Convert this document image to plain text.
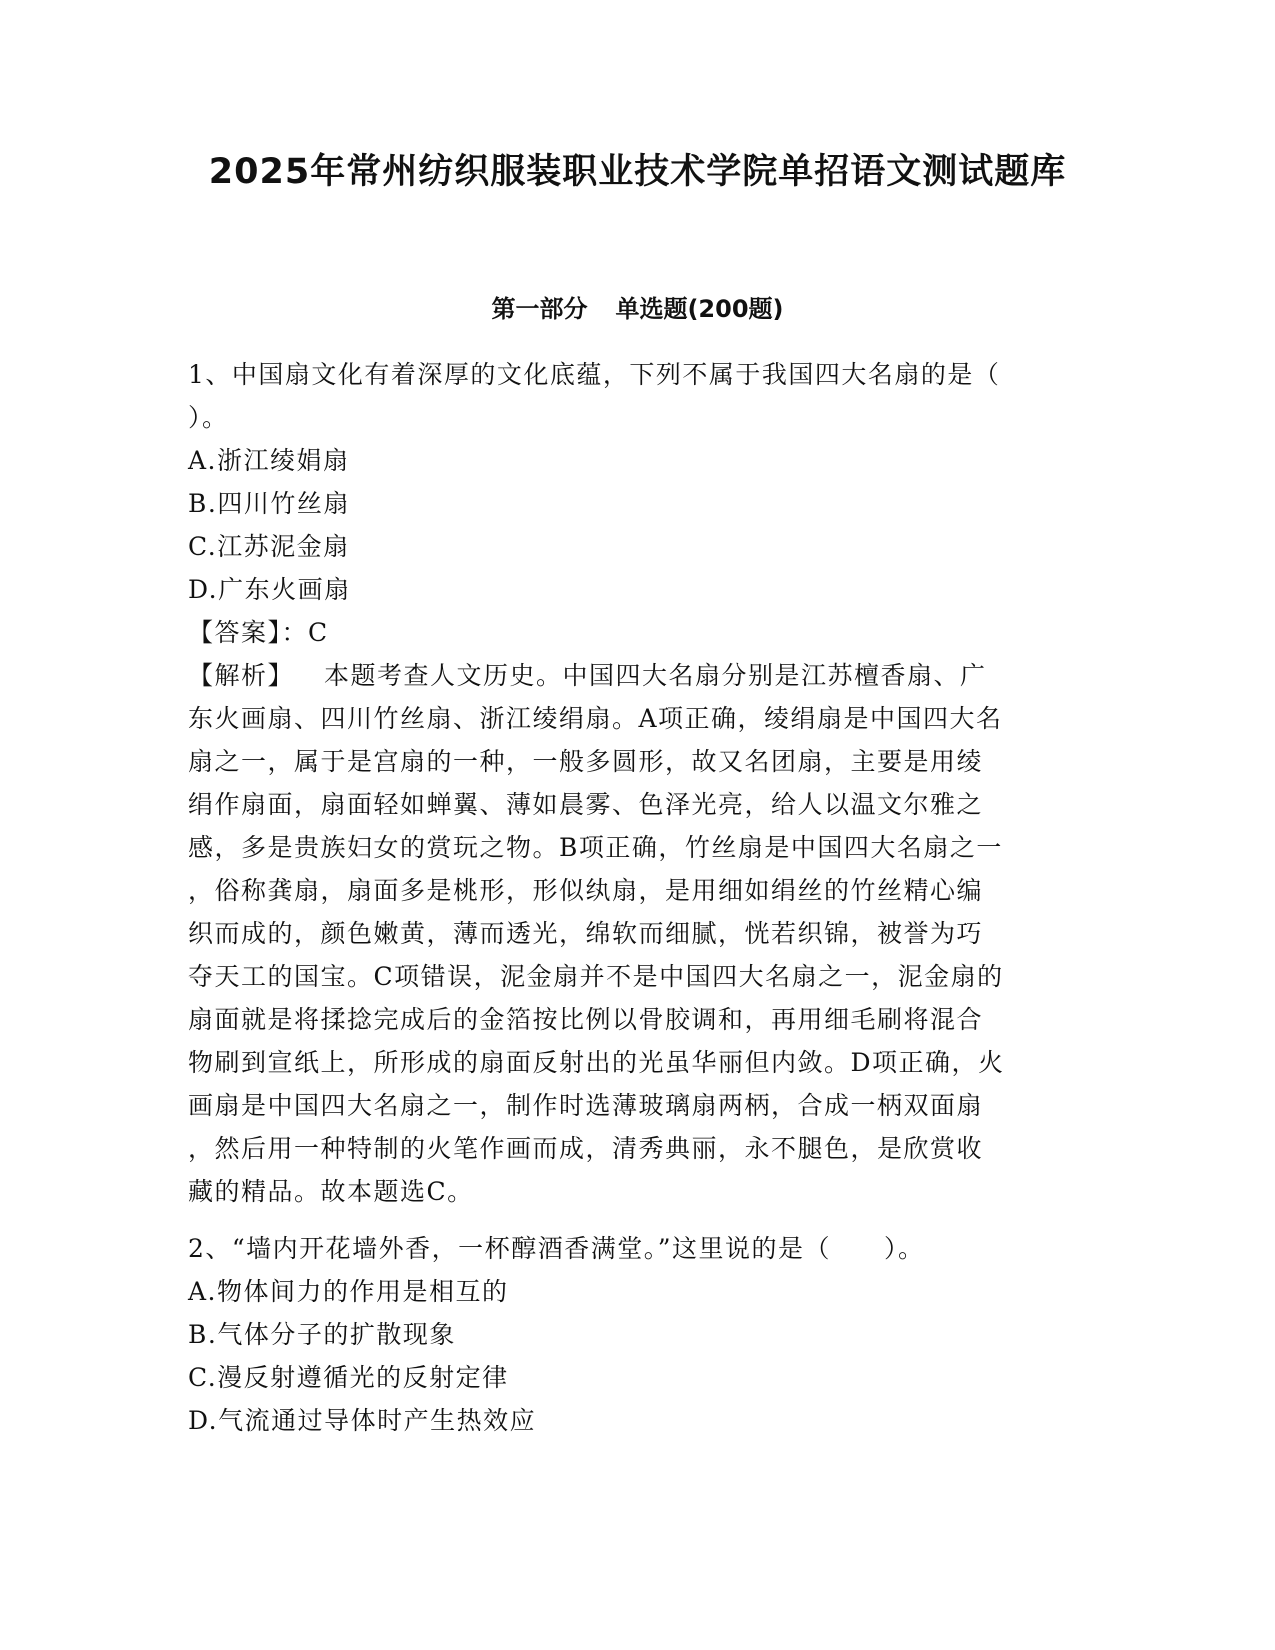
2025年常州纺织服装职业技术学院单招语文测试题库
第一部分 单选题(200题)
1、中国扇文化有着深厚的文化底蕴，下列不属于我国四大名扇的是（
）。
A.浙江绫娟扇
B.四川竹丝扇
C.江苏泥金扇
D.广东火画扇
【答案】：C
【解析】 本题考查人文历史。中国四大名扇分别是江苏檀香扇、广
东火画扇、四川竹丝扇、浙江绫绢扇。A项正确，绫绢扇是中国四大名
扇之一，属于是宫扇的一种，一般多圆形，故又名团扇，主要是用绫
绢作扇面，扇面轻如蝉翼、薄如晨雾、色泽光亮，给人以温文尔雅之
感，多是贵族妇女的赏玩之物。B项正确，竹丝扇是中国四大名扇之一
，俗称龚扇，扇面多是桃形，形似纨扇，是用细如绢丝的竹丝精心编
织而成的，颜色嫩黄，薄而透光，绵软而细腻，恍若织锦，被誉为巧
夺天工的国宝。C项错误，泥金扇并不是中国四大名扇之一，泥金扇的
扇面就是将揉捻完成后的金箔按比例以骨胶调和，再用细毛刷将混合
物刷到宣纸上，所形成的扇面反射出的光虽华丽但内敛。D项正确，火
画扇是中国四大名扇之一，制作时选薄玻璃扇两柄，合成一柄双面扇
，然后用一种特制的火笔作画而成，清秀典丽，永不腿色，是欣赏收
藏的精品。故本题选C。
2、“墙内开花墙外香，一杯醇酒香满堂。”这里说的是（　　）。
A.物体间力的作用是相互的
B.气体分子的扩散现象
C.漫反射遵循光的反射定律
D.气流通过导体时产生热效应
